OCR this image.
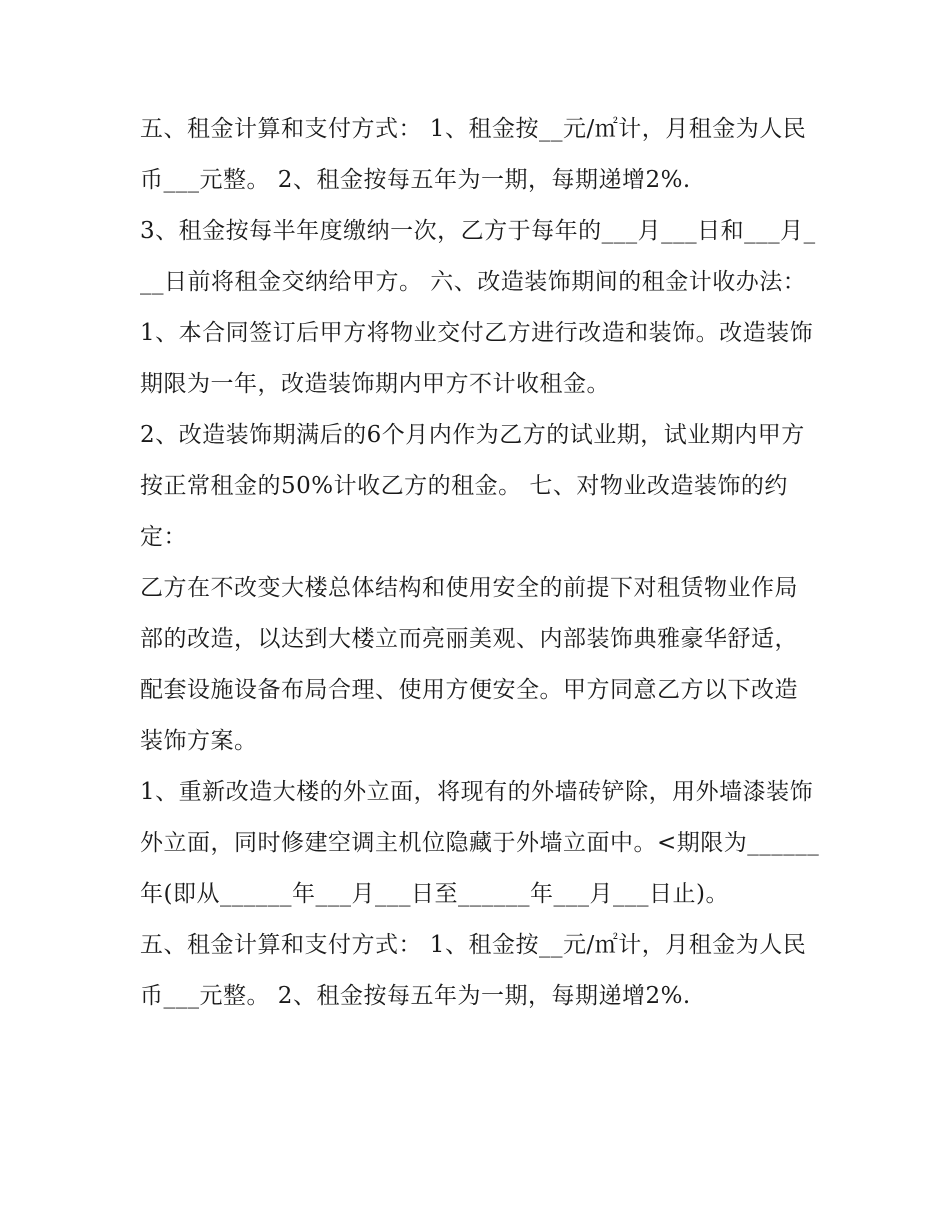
五、租金计算和支付方式： 1、租金按__元/㎡计，月租金为人民币___元整。 2、租金按每五年为一期，每期递增2%.

3、租金按每半年度缴纳一次，乙方于每年的___月___日和___月___日前将租金交纳给甲方。 六、改造装饰期间的租金计收办法：

1、本合同签订后甲方将物业交付乙方进行改造和装饰。改造装饰期限为一年，改造装饰期内甲方不计收租金。

2、改造装饰期满后的6个月内作为乙方的试业期，试业期内甲方按正常租金的50%计收乙方的租金。 七、对物业改造装饰的约定：

乙方在不改变大楼总体结构和使用安全的前提下对租赁物业作局部的改造，以达到大楼立而亮丽美观、内部装饰典雅豪华舒适，配套设施设备布局合理、使用方便安全。甲方同意乙方以下改造装饰方案。

1、重新改造大楼的外立面，将现有的外墙砖铲除，用外墙漆装饰外立面，同时修建空调主机位隐藏于外墙立面中。<期限为______年(即从______年___月___日至______年___月___日止)。

五、租金计算和支付方式： 1、租金按__元/㎡计，月租金为人民币___元整。 2、租金按每五年为一期，每期递增2%.
